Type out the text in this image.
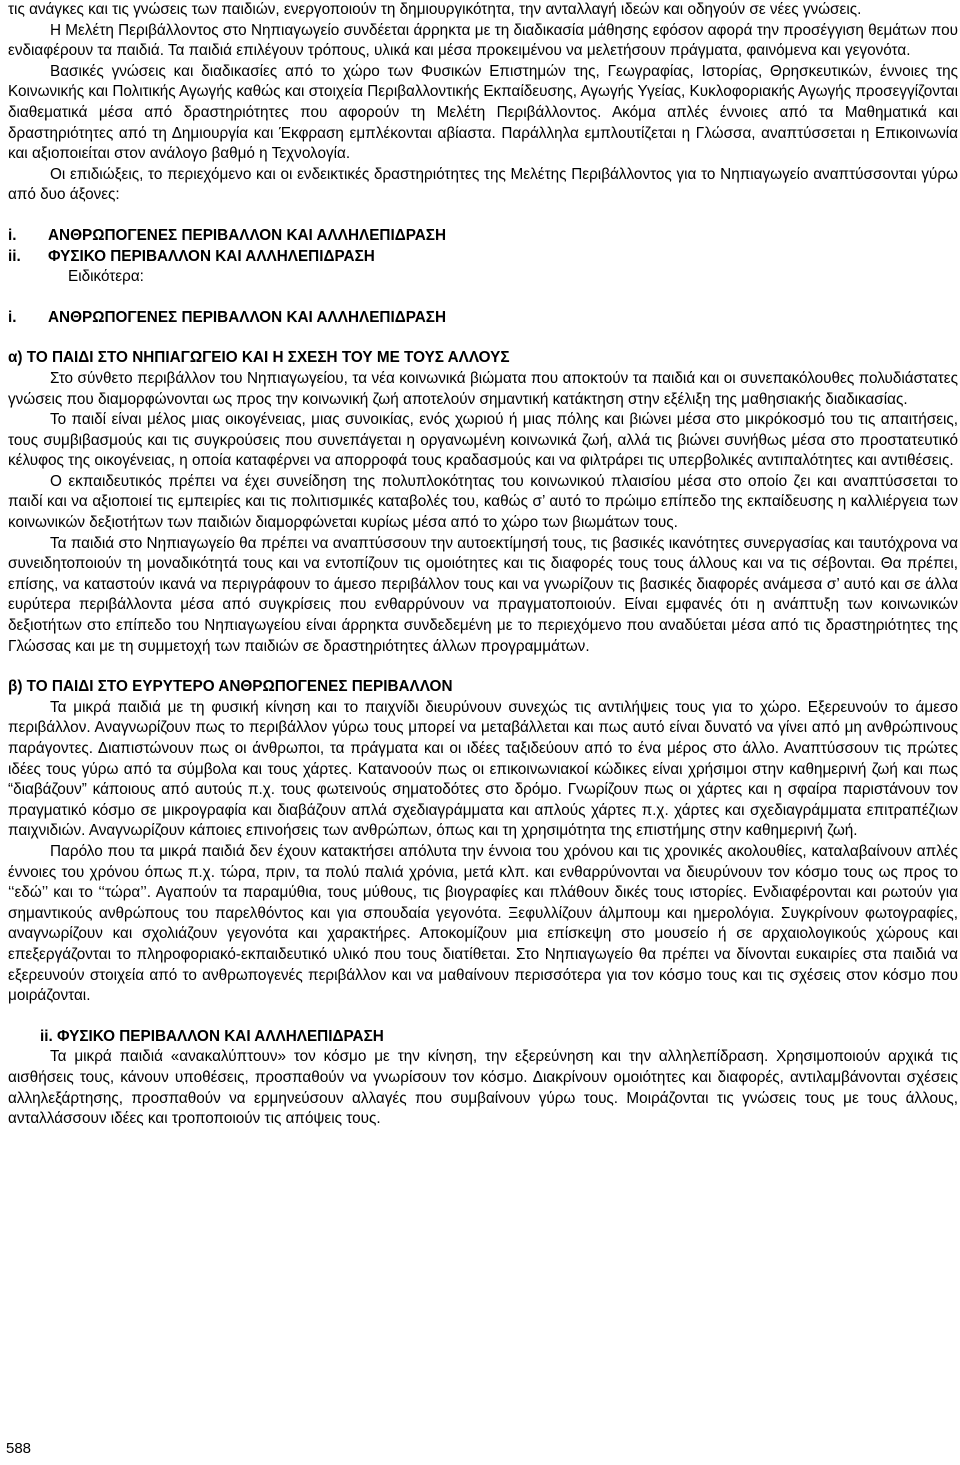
τις ανάγκες και τις γνώσεις των παιδιών, ενεργοποιούν τη δημιουργικότητα, την ανταλλαγή ιδεών και οδηγούν σε νέες γνώσεις.

Η Μελέτη Περιβάλλοντος στο Νηπιαγωγείο συνδέεται άρρηκτα με τη διαδικασία μάθησης εφόσον αφορά την προσέγγιση θεμάτων που ενδιαφέρουν τα παιδιά. Τα παιδιά επιλέγουν τρόπους, υλικά και μέσα προκειμένου να μελετήσουν πράγματα, φαινόμενα και γεγονότα.

Βασικές γνώσεις και διαδικασίες από το χώρο των Φυσικών Επιστημών της, Γεωγραφίας, Ιστορίας, Θρησκευτικών, έννοιες της Κοινωνικής και Πολιτικής Αγωγής καθώς και στοιχεία Περιβαλλοντικής Εκπαίδευσης, Αγωγής Υγείας, Κυκλοφοριακής Αγωγής προσεγγίζονται διαθεματικά μέσα από δραστηριότητες που αφορούν τη Μελέτη Περιβάλλοντος. Ακόμα απλές έννοιες από τα Μαθηματικά και δραστηριότητες από τη Δημιουργία και Έκφραση εμπλέκονται αβίαστα. Παράλληλα εμπλουτίζεται η Γλώσσα, αναπτύσσεται η Επικοινωνία και αξιοποιείται στον ανάλογο βαθμό η Τεχνολογία.

Οι επιδιώξεις, το περιεχόμενο και οι ενδεικτικές δραστηριότητες της Μελέτης Περιβάλλοντος για το Νηπιαγωγείο αναπτύσσονται γύρω από δυο άξονες:

i. ΑΝΘΡΩΠΟΓΕΝΕΣ ΠΕΡΙΒΑΛΛΟΝ ΚΑΙ ΑΛΛΗΛΕΠΙΔΡΑΣΗ
ii. ΦΥΣΙΚΟ ΠΕΡΙΒΑΛΛΟΝ ΚΑΙ ΑΛΛΗΛΕΠΙΔΡΑΣΗ
Ειδικότερα:
i. ΑΝΘΡΩΠΟΓΕΝΕΣ ΠΕΡΙΒΑΛΛΟΝ ΚΑΙ ΑΛΛΗΛΕΠΙΔΡΑΣΗ
α) ΤΟ ΠΑΙΔΙ ΣΤΟ ΝΗΠΙΑΓΩΓΕΙΟ ΚΑΙ Η ΣΧΕΣΗ ΤΟΥ ΜΕ ΤΟΥΣ ΑΛΛΟΥΣ

Στο σύνθετο περιβάλλον του Νηπιαγωγείου, τα νέα κοινωνικά βιώματα που αποκτούν τα παιδιά και οι συνεπακόλουθες πολυδιάστατες γνώσεις που διαμορφώνονται ως προς την κοινωνική ζωή αποτελούν σημαντική κατάκτηση στην εξέλιξη της μαθησιακής διαδικασίας.

Το παιδί είναι μέλος μιας οικογένειας, μιας συνοικίας, ενός χωριού ή μιας πόλης και βιώνει μέσα στο μικρόκοσμό του τις απαιτήσεις, τους συμβιβασμούς και τις συγκρούσεις που συνεπάγεται η οργανωμένη κοινωνικά ζωή, αλλά τις βιώνει συνήθως μέσα στο προστατευτικό κέλυφος της οικογένειας, η οποία καταφέρνει να απορροφά τους κραδασμούς και να φιλτράρει τις υπερβολικές αντιπαλότητες και αντιθέσεις.

Ο εκπαιδευτικός πρέπει να έχει συνείδηση της πολυπλοκότητας του κοινωνικού πλαισίου μέσα στο οποίο ζει και αναπτύσσεται το παιδί και να αξιοποιεί τις εμπειρίες και τις πολιτισμικές καταβολές του, καθώς σ’ αυτό το πρώιμο επίπεδο της εκπαίδευσης η καλλιέργεια των κοινωνικών δεξιοτήτων των παιδιών διαμορφώνεται κυρίως μέσα από το χώρο των βιωμάτων τους.

Τα παιδιά στο Νηπιαγωγείο θα πρέπει να αναπτύσσουν την αυτοεκτίμησή τους, τις βασικές ικανότητες συνεργασίας και ταυτόχρονα να συνειδητοποιούν τη μοναδικότητά τους και να εντοπίζουν τις ομοιότητες και τις διαφορές τους τους άλλους και να τις σέβονται. Θα πρέπει, επίσης, να καταστούν ικανά να περιγράφουν το άμεσο περιβάλλον τους και να γνωρίζουν τις βασικές διαφορές ανάμεσα σ’ αυτό και σε άλλα ευρύτερα περιβάλλοντα μέσα από συγκρίσεις που ενθαρρύνουν να πραγματοποιούν. Είναι εμφανές ότι η ανάπτυξη των κοινωνικών δεξιοτήτων στο επίπεδο του Νηπιαγωγείου είναι άρρηκτα συνδεδεμένη με το περιεχόμενο που αναδύεται μέσα από τις δραστηριότητες της Γλώσσας και με τη συμμετοχή των παιδιών σε δραστηριότητες άλλων προγραμμάτων.

β) ΤΟ ΠΑΙΔΙ ΣΤΟ ΕΥΡΥΤΕΡΟ ΑΝΘΡΩΠΟΓΕΝΕΣ ΠΕΡΙΒΑΛΛΟΝ

Τα μικρά παιδιά με τη φυσική κίνηση και το παιχνίδι διευρύνουν συνεχώς τις αντιλήψεις τους για το χώρο. Εξερευνούν το άμεσο περιβάλλον. Αναγνωρίζουν πως το περιβάλλον γύρω τους μπορεί να μεταβάλλεται και πως αυτό είναι δυνατό να γίνει από μη ανθρώπινους παράγοντες. Διαπιστώνουν πως οι άνθρωποι, τα πράγματα και οι ιδέες ταξιδεύουν από το ένα μέρος στο άλλο. Αναπτύσσουν τις πρώτες ιδέες τους γύρω από τα σύμβολα και τους χάρτες. Κατανοούν πως οι επικοινωνιακοί κώδικες είναι χρήσιμοι στην καθημερινή ζωή και πως “διαβάζουν” κάποιους από αυτούς π.χ. τους φωτεινούς σηματοδότες στο δρόμο. Γνωρίζουν πως οι χάρτες και η σφαίρα παριστάνουν τον πραγματικό κόσμο σε μικρογραφία και διαβάζουν απλά σχεδιαγράμματα και απλούς χάρτες π.χ. χάρτες και σχεδιαγράμματα επιτραπέζιων παιχνιδιών. Αναγνωρίζουν κάποιες επινοήσεις των ανθρώπων, όπως και τη χρησιμότητα της επιστήμης στην καθημερινή ζωή.

Παρόλο που τα μικρά παιδιά δεν έχουν κατακτήσει απόλυτα την έννοια του χρόνου και τις χρονικές ακολουθίες, καταλαβαίνουν απλές έννοιες του χρόνου όπως π.χ. τώρα, πριν, τα πολύ παλιά χρόνια, μετά κλπ. και ενθαρρύνονται να διευρύνουν τον κόσμο τους ως προς το ‘‘εδώ’’ και το ‘‘τώρα’’. Αγαπούν τα παραμύθια, τους μύθους, τις βιογραφίες και πλάθουν δικές τους ιστορίες. Ενδιαφέρονται και ρωτούν για σημαντικούς ανθρώπους του παρελθόντος και για σπουδαία γεγονότα. Ξεφυλλίζουν άλμπουμ και ημερολόγια. Συγκρίνουν φωτογραφίες, αναγνωρίζουν και σχολιάζουν γεγονότα και χαρακτήρες. Αποκομίζουν μια επίσκεψη στο μουσείο ή σε αρχαιολογικούς χώρους και επεξεργάζονται το πληροφοριακό-εκπαιδευτικό υλικό που τους διατίθεται. Στο Νηπιαγωγείο θα πρέπει να δίνονται ευκαιρίες στα παιδιά να εξερευνούν στοιχεία από το ανθρωπογενές περιβάλλον και να μαθαίνουν περισσότερα για τον κόσμο τους και τις σχέσεις στον κόσμο που μοιράζονται.

ii. ΦΥΣΙΚΟ ΠΕΡΙΒΑΛΛΟΝ ΚΑΙ ΑΛΛΗΛΕΠΙΔΡΑΣΗ

Τα μικρά παιδιά «ανακαλύπτουν» τον κόσμο με την κίνηση, την εξερεύνηση και την αλληλεπίδραση. Χρησιμοποιούν αρχικά τις αισθήσεις τους, κάνουν υποθέσεις, προσπαθούν να γνωρίσουν τον κόσμο. Διακρίνουν ομοιότητες και διαφορές, αντιλαμβάνονται σχέσεις αλληλεξάρτησης, προσπαθούν να ερμηνεύσουν αλλαγές που συμβαίνουν γύρω τους. Μοιράζονται τις γνώσεις τους με τους άλλους, ανταλλάσσουν ιδέες και τροποποιούν τις απόψεις τους.

588
